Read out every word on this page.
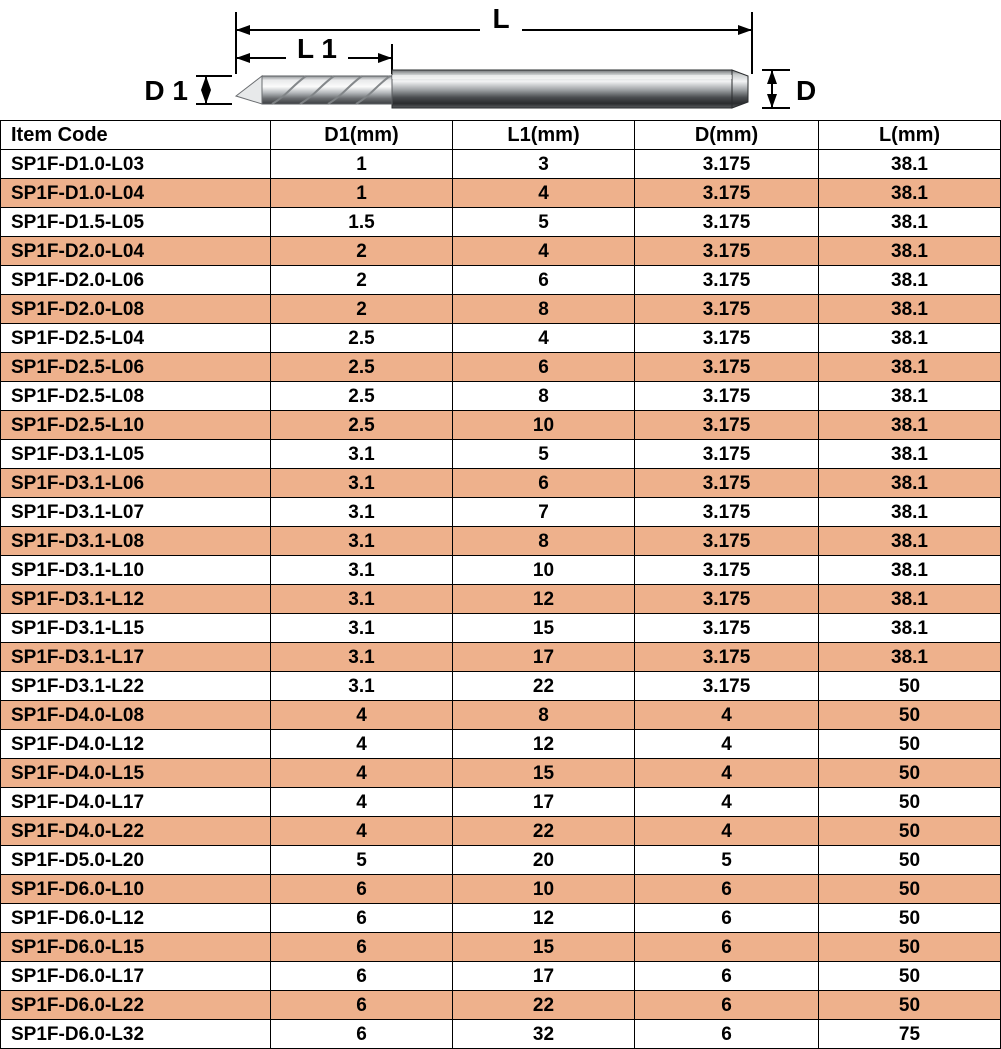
L
L 1
D 1	D
Item Code	D1(mm)	L1(mm)	D(mm)	L(mm)
SP1F-D1.0-L03	1	3	3.175	38.1
SP1F-D1.0-L04	1	4	3.175	38.1
SP1F-D1.5-L05	1.5	5	3.175	38.1
SP1F-D2.0-L04	2	4	3.175	38.1
SP1F-D2.0-L06	2	6	3.175	38.1
SP1F-D2.0-L08	2	8	3.175	38.1
SP1F-D2.5-L04	2.5	4	3.175	38.1
SP1F-D2.5-L06	2.5	6	3.175	38.1
SP1F-D2.5-L08	2.5	8	3.175	38.1
SP1F-D2.5-L10	2.5	10	3.175	38.1
SP1F-D3.1-L05	3.1	5	3.175	38.1
SP1F-D3.1-L06	3.1	6	3.175	38.1
SP1F-D3.1-L07	3.1	7	3.175	38.1
SP1F-D3.1-L08	3.1	8	3.175	38.1
SP1F-D3.1-L10	3.1	10	3.175	38.1
SP1F-D3.1-L12	3.1	12	3.175	38.1
SP1F-D3.1-L15	3.1	15	3.175	38.1
SP1F-D3.1-L17	3.1	17	3.175	38.1
SP1F-D3.1-L22	3.1	22	3.175	50
SP1F-D4.0-L08	4	8	4	50
SP1F-D4.0-L12	4	12	4	50
SP1F-D4.0-L15	4	15	4	50
SP1F-D4.0-L17	4	17	4	50
SP1F-D4.0-L22	4	22	4	50
SP1F-D5.0-L20	5	20	5	50
SP1F-D6.0-L10	6	10	6	50
SP1F-D6.0-L12	6	12	6	50
SP1F-D6.0-L15	6	15	6	50
SP1F-D6.0-L17	6	17	6	50
SP1F-D6.0-L22	6	22	6	50
SP1F-D6.0-L32	6	32	6	75
